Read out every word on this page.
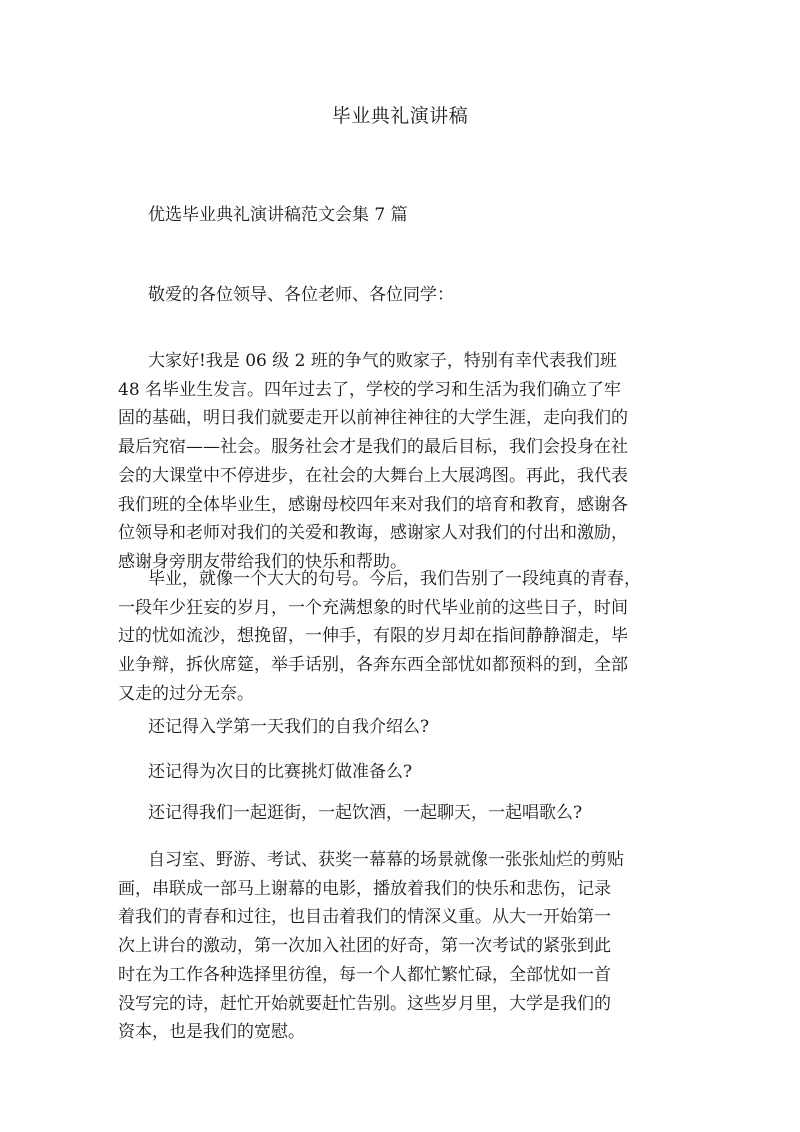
毕业典礼演讲稿
优选毕业典礼演讲稿范文会集 7 篇
敬爱的各位领导、各位老师、各位同学：
大家好!我是 06 级 2 班的争气的败家子，特别有幸代表我们班
48 名毕业生发言。四年过去了，学校的学习和生活为我们确立了牢
固的基础，明日我们就要走开以前神往神往的大学生涯，走向我们的
最后究宿——社会。服务社会才是我们的最后目标，我们会投身在社
会的大课堂中不停进步，在社会的大舞台上大展鸿图。再此，我代表
我们班的全体毕业生，感谢母校四年来对我们的培育和教育，感谢各
位领导和老师对我们的关爱和教诲，感谢家人对我们的付出和激励，
感谢身旁朋友带给我们的快乐和帮助。
毕业，就像一个大大的句号。今后，我们告别了一段纯真的青春，
一段年少狂妄的岁月，一个充满想象的时代毕业前的这些日子，时间
过的忧如流沙，想挽留，一伸手，有限的岁月却在指间静静溜走，毕
业争辩，拆伙席筵，举手话别，各奔东西全部忧如都预料的到，全部
又走的过分无奈。
还记得入学第一天我们的自我介绍么?
还记得为次日的比赛挑灯做准备么?
还记得我们一起逛街，一起饮酒，一起聊天，一起唱歌么?
自习室、野游、考试、获奖一幕幕的场景就像一张张灿烂的剪贴
画，串联成一部马上谢幕的电影，播放着我们的快乐和悲伤，记录
着我们的青春和过往，也目击着我们的情深义重。从大一开始第一
次上讲台的激动，第一次加入社团的好奇，第一次考试的紧张到此
时在为工作各种选择里彷徨，每一个人都忙繁忙碌，全部忧如一首
没写完的诗，赶忙开始就要赶忙告别。这些岁月里，大学是我们的
资本，也是我们的宽慰。
